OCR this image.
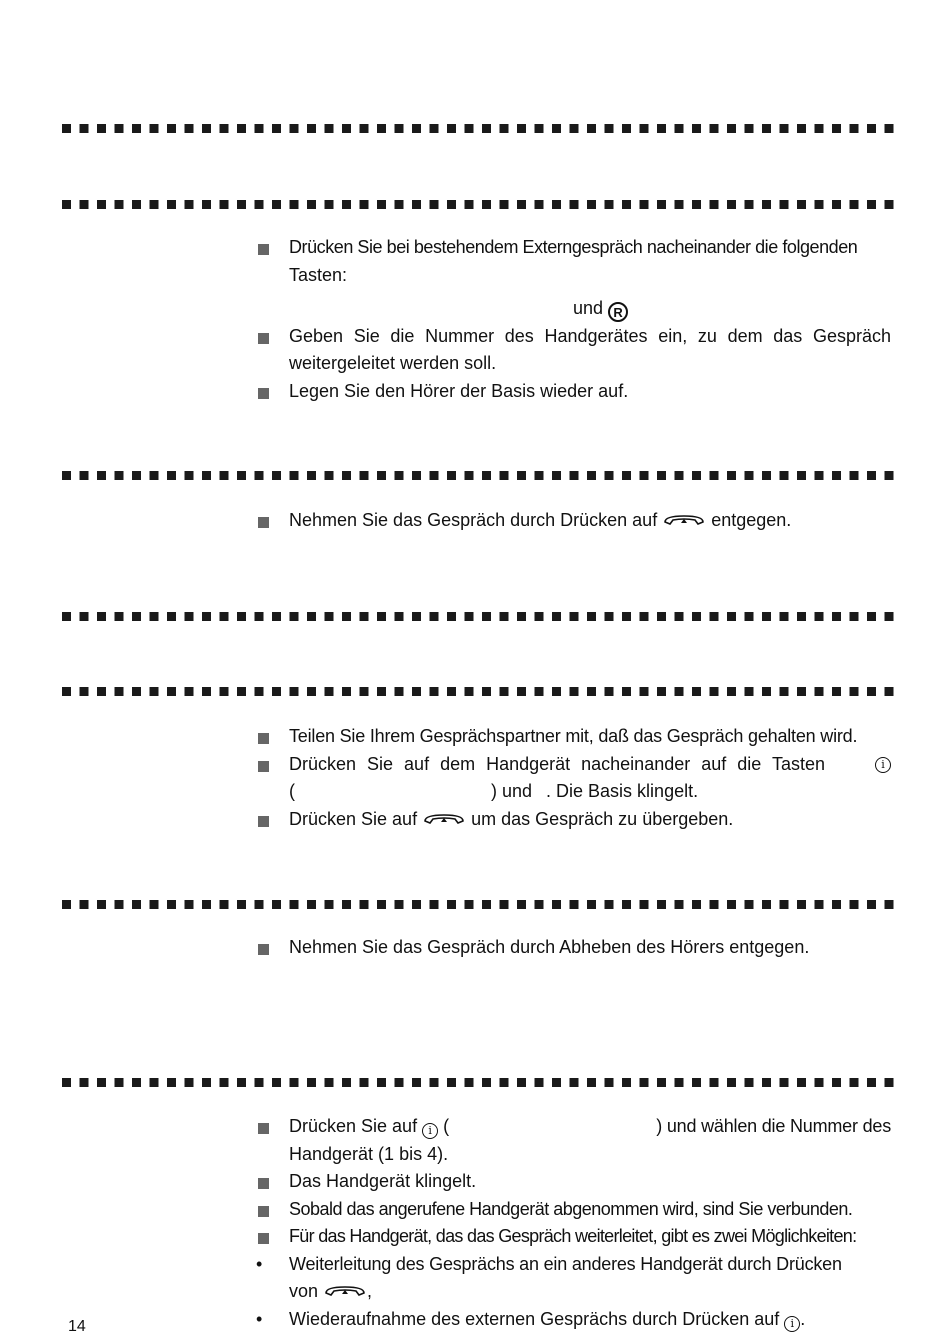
Drücken Sie bei bestehendem Externgespräch nacheinander die folgenden
Tasten:
und R
Geben Sie die Nummer des Handgerätes ein, zu dem das Gespräch weitergeleitet werden soll.
Legen Sie den Hörer der Basis wieder auf.
Nehmen Sie das Gespräch durch Drücken auf	entgegen.
Teilen Sie Ihrem Gesprächspartner mit, daß das Gespräch gehalten wird.
Drücken Sie auf dem Handgerät nacheinander auf die Tasten	i
(	) und . Die Basis klingelt.
Drücken Sie auf	um das Gespräch zu übergeben.
Nehmen Sie das Gespräch durch Abheben des Hörers entgegen.
Drücken Sie auf i (	) und wählen die Nummer des
Handgerät (1 bis 4).
Das Handgerät klingelt.
Sobald das angerufene Handgerät abgenommen wird, sind Sie verbunden.
Für das Handgerät, das das Gespräch weiterleitet, gibt es zwei Möglichkeiten:
• Weiterleitung des Gesprächs an ein anderes Handgerät durch Drücken
von	,
• Wiederaufnahme des externen Gesprächs durch Drücken auf i .
14
